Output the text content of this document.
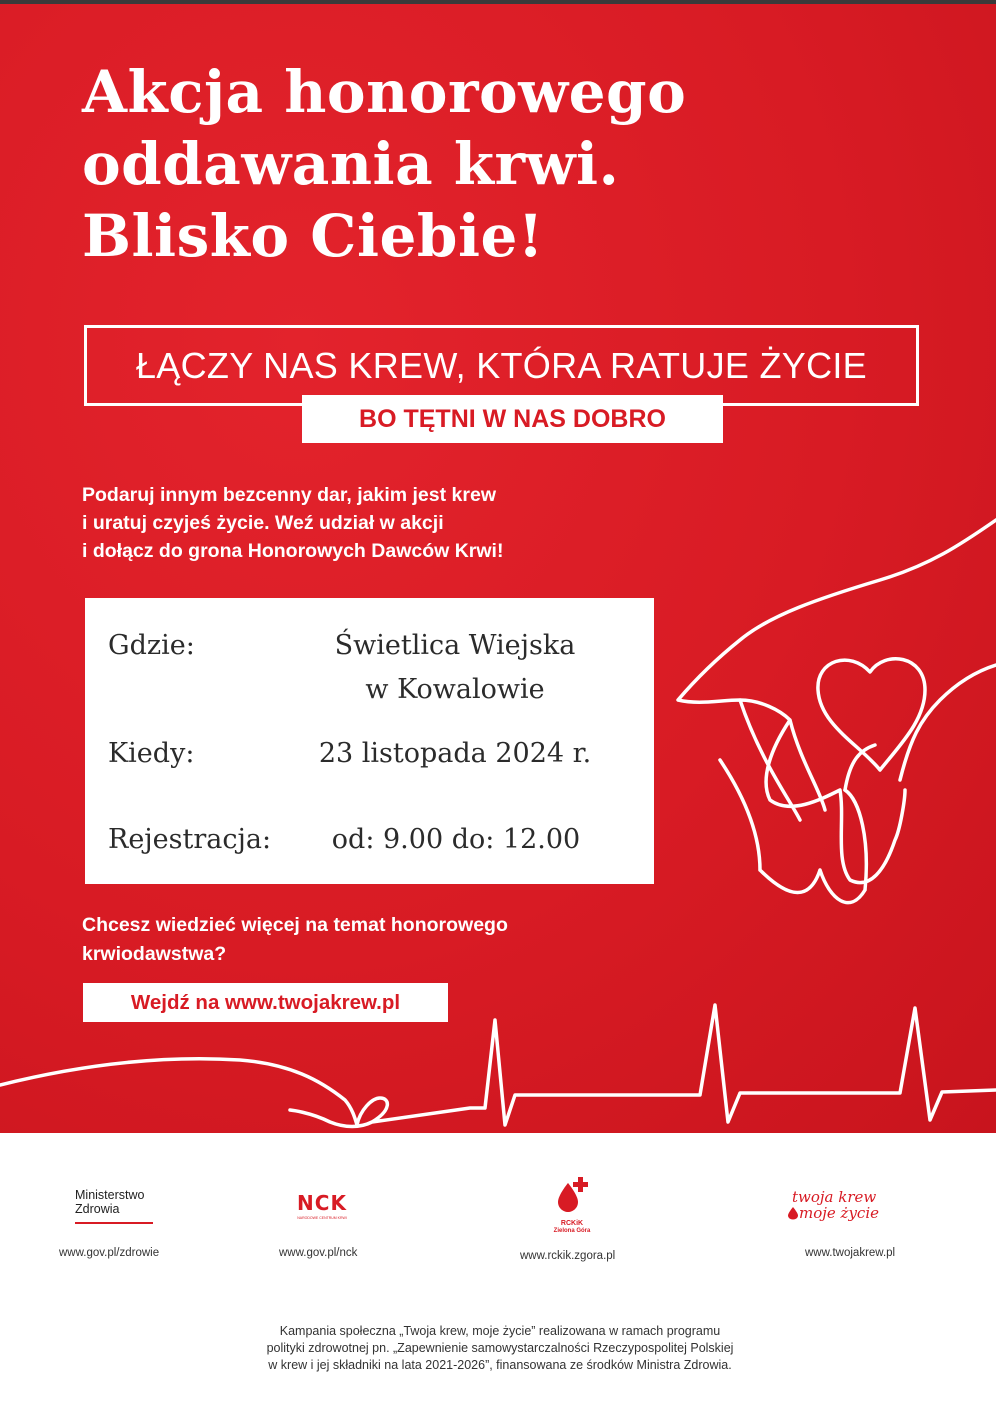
Akcja honorowego
oddawania krwi.
Blisko Ciebie!
ŁĄCZY NAS KREW, KTÓRA RATUJE ŻYCIE
BO TĘTNI W NAS DOBRO
Podaruj innym bezcenny dar, jakim jest krew
i uratuj czyjeś życie. Weź udział w akcji
i dołącz do grona Honorowych Dawców Krwi!
Gdzie:	Świetlica Wiejska
w Kowalowie
Kiedy:	23 listopada 2024 r.
Rejestracja:	od: 9.00 do: 12.00
Chcesz wiedzieć więcej na temat honorowego
krwiodawstwa?
Wejdź na www.twojakrew.pl
Ministerstwo
Zdrowia
www.gov.pl/zdrowie
NCK
NARODOWE CENTRUM KRWI
www.gov.pl/nck
RCKiK
Zielona Góra
www.rckik.zgora.pl
twoja krew
moje życie
www.twojakrew.pl
Kampania społeczna „Twoja krew, moje życie” realizowana w ramach programu
polityki zdrowotnej pn. „Zapewnienie samowystarczalności Rzeczypospolitej Polskiej
w krew i jej składniki na lata 2021-2026”, finansowana ze środków Ministra Zdrowia.
